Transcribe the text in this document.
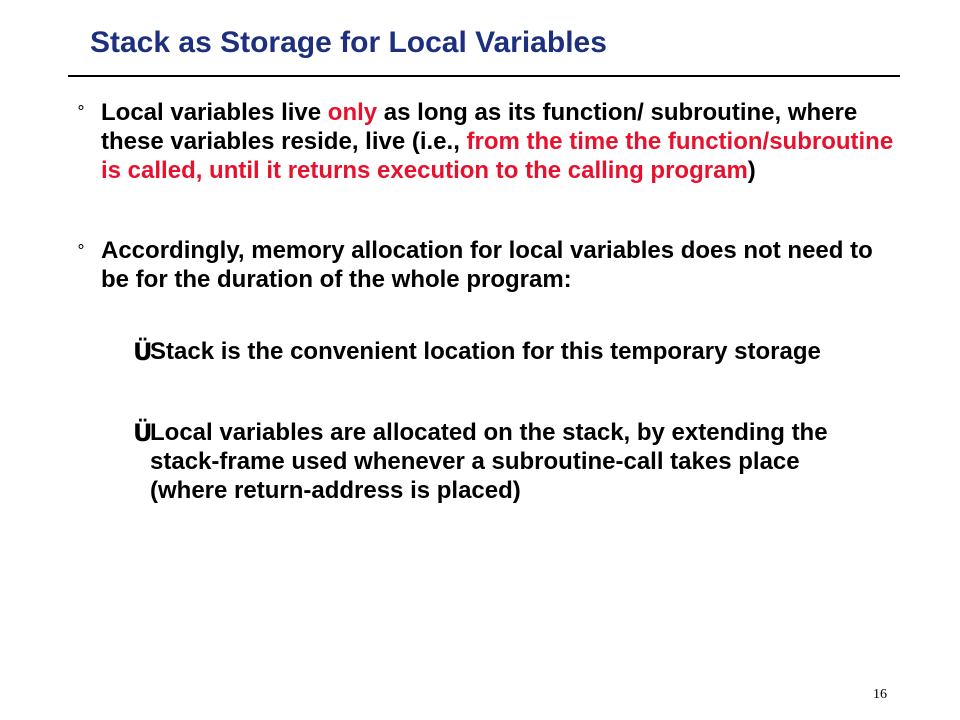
Stack as Storage for Local Variables
° Local variables live only as long as its function/ subroutine, where these variables reside, live (i.e., from the time the function/subroutine is called, until it returns execution to the calling program)
° Accordingly, memory allocation for local variables does not need to be for the duration of the whole program:
Ü
Stack is the convenient location for this temporary storage
Ü
Local variables are allocated on the stack, by extending the stack-frame used whenever a subroutine-call takes place (where return-address is placed)
16
